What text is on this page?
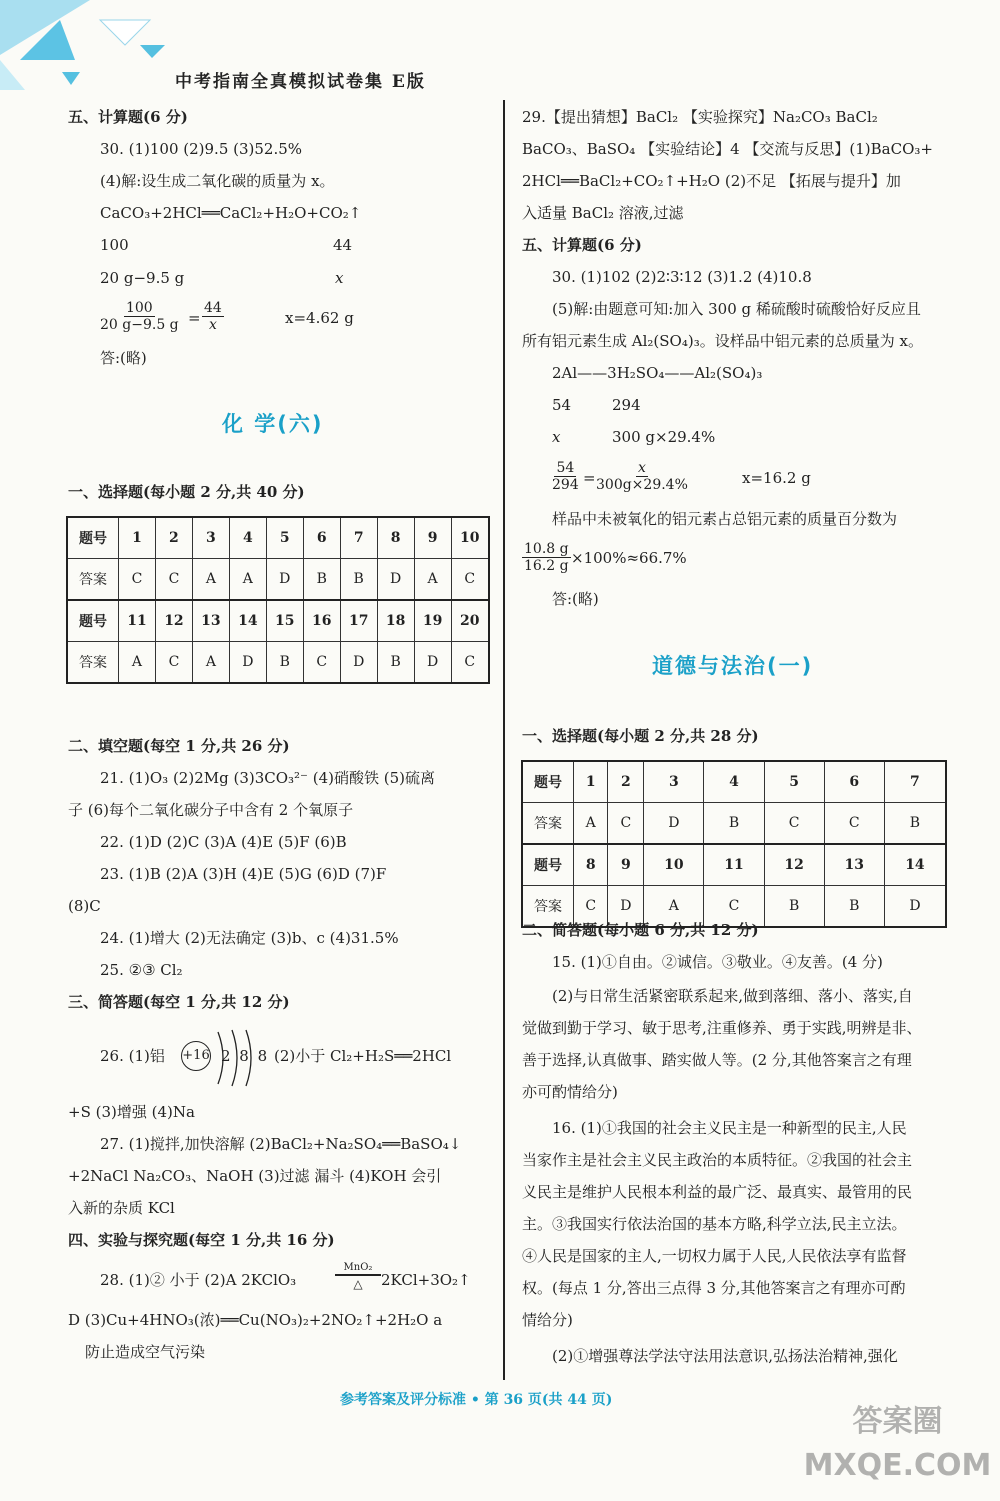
中考指南全真模拟试卷集 E版
五、计算题(6 分)
30. (1)100 (2)9.5 (3)52.5%
(4)解:设生成二氧化碳的质量为 x。
CaCO₃+2HCl══CaCl₂+H₂O+CO₂↑
100	44
20 g−9.5 g	x
$\frac{100}{20 g-9.5 g} = \frac{44}{x}$	x=4.62 g
答:(略)
化 学(六)
一、选择题(每小题 2 分,共 40 分)
题号	1	2	3	4	5	6	7	8	9	10
答案	C	C	A	A	D	B	B	D	A	C
题号	11	12	13	14	15	16	17	18	19	20
答案	A	C	A	D	B	C	D	B	D	C
二、填空题(每空 1 分,共 26 分)
21. (1)O₃ (2)2Mg (3)3CO₃²⁻ (4)硝酸铁 (5)硫离
子 (6)每个二氧化碳分子中含有 2 个氧原子
22. (1)D (2)C (3)A (4)E (5)F (6)B
23. (1)B (2)A (3)H (4)E (5)G (6)D (7)F
(8)C
24. (1)增大 (2)无法确定 (3)b、c (4)31.5%
25. ②③ Cl₂
三、简答题(每空 1 分,共 12 分)
26. (1)铝 +16 2 8 8 (2)小于 Cl₂+H₂S══2HCl
+S (3)增强 (4)Na
27. (1)搅拌,加快溶解 (2)BaCl₂+Na₂SO₄══BaSO₄↓
+2NaCl Na₂CO₃、NaOH (3)过滤 漏斗 (4)KOH 会引
入新的杂质 KCl
四、实验与探究题(每空 1 分,共 16 分)
28. (1)② 小于 (2)A 2KClO₃
MnO₂
△	2KCl+3O₂↑
D (3)Cu+4HNO₃(浓)══Cu(NO₃)₂+2NO₂↑+2H₂O a
防止造成空气污染
29.【提出猜想】BaCl₂ 【实验探究】Na₂CO₃ BaCl₂
BaCO₃、BaSO₄ 【实验结论】4 【交流与反思】(1)BaCO₃+
2HCl══BaCl₂+CO₂↑+H₂O (2)不足 【拓展与提升】加
入适量 BaCl₂ 溶液,过滤
五、计算题(6 分)
30. (1)102 (2)2∶3∶12 (3)1.2 (4)10.8
(5)解:由题意可知:加入 300 g 稀硫酸时硫酸恰好反应且
所有铝元素生成 Al₂(SO₄)₃。设样品中铝元素的总质量为 x。
2Al——3H₂SO₄——Al₂(SO₄)₃
54	294
x	300 g×29.4%
$\frac{54}{294} = \frac{x}{300g\times 29.4\%}$	x=16.2 g
样品中未被氧化的铝元素占总铝元素的质量百分数为
$\frac{10.8 g}{16.2 g} \times 100\%\approx 66.7\%$
答:(略)
道德与法治(一)
一、选择题(每小题 2 分,共 28 分)
题号	1	2	3	4	5	6	7
答案	A	C	D	B	C	C	B
题号	8	9	10	11	12	13	14
答案	C	D	A	C	B	B	D
二、简答题(每小题 6 分,共 12 分)
15. (1)①自由。②诚信。③敬业。④友善。(4 分)
(2)与日常生活紧密联系起来,做到落细、落小、落实,自
觉做到勤于学习、敏于思考,注重修养、勇于实践,明辨是非、
善于选择,认真做事、踏实做人等。(2 分,其他答案言之有理
亦可酌情给分)
16. (1)①我国的社会主义民主是一种新型的民主,人民
当家作主是社会主义民主政治的本质特征。②我国的社会主
义民主是维护人民根本利益的最广泛、最真实、最管用的民
主。③我国实行依法治国的基本方略,科学立法,民主立法。
④人民是国家的主人,一切权力属于人民,人民依法享有监督
权。(每点 1 分,答出三点得 3 分,其他答案言之有理亦可酌
情给分)
(2)①增强尊法学法守法用法意识,弘扬法治精神,强化
参考答案及评分标准 • 第 36 页(共 44 页)
答案圈 MXQE.COM
